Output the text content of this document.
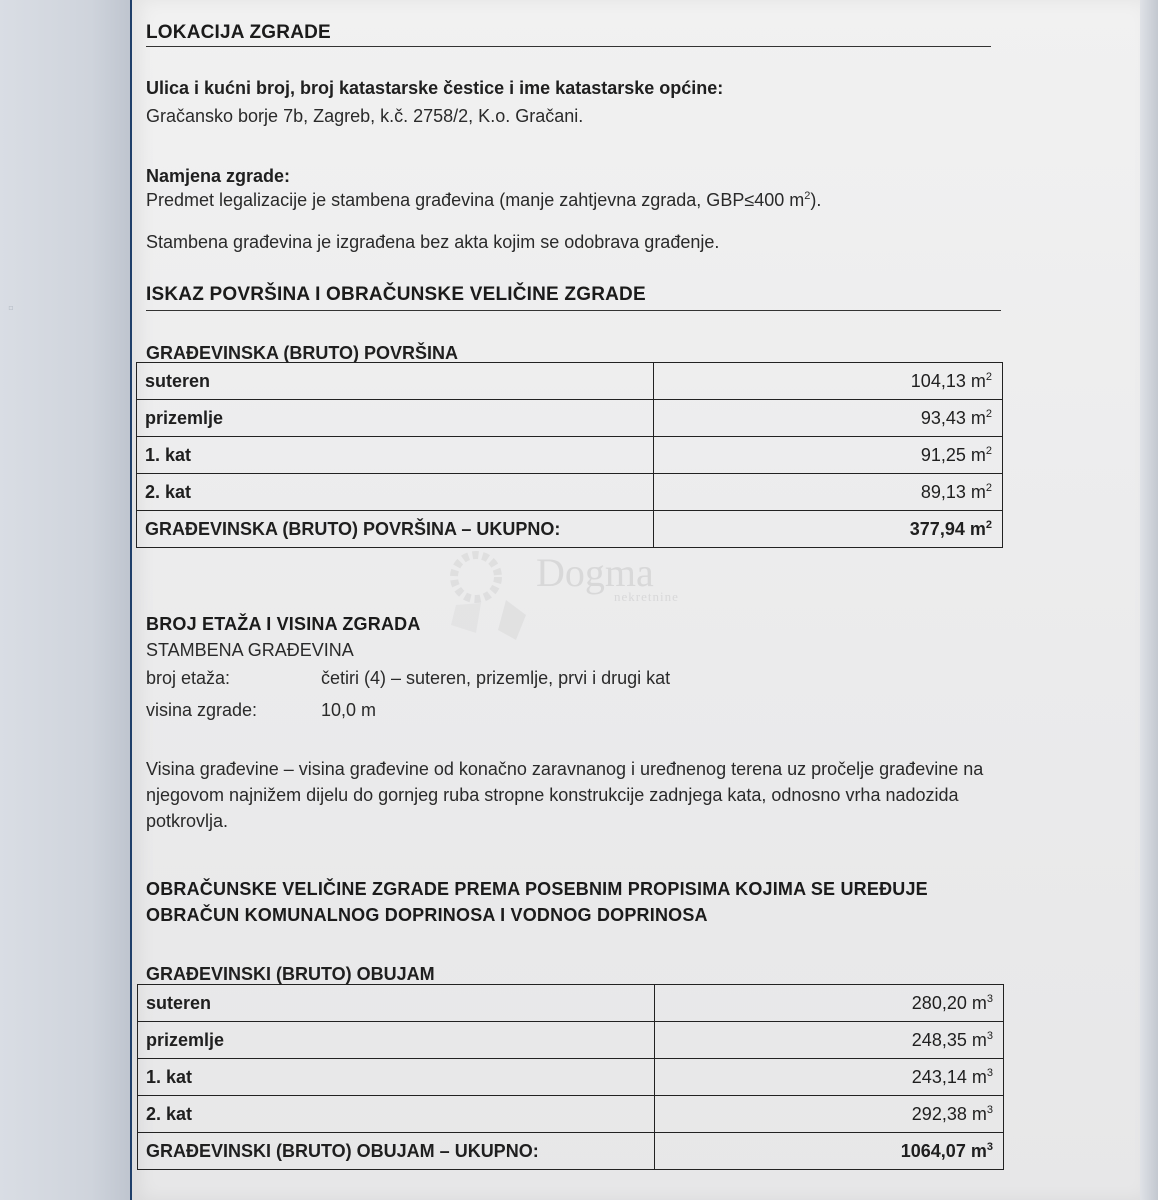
▫
LOKACIJA ZGRADE
Ulica i kućni broj, broj katastarske čestice i ime katastarske općine:
Gračansko borje 7b, Zagreb, k.č. 2758/2, K.o. Gračani.
Namjena zgrade:
Predmet legalizacije je stambena građevina (manje zahtjevna zgrada, GBP≤400 $m^2$).
Stambena građevina je izgrađena bez akta kojim se odobrava građenje.
ISKAZ POVRŠINA I OBRAČUNSKE VELIČINE ZGRADE
GRAĐEVINSKA (BRUTO) POVRŠINA
suteren	104,13 $m^2$
prizemlje	93,43 $m^2$
1. kat	91,25 $m^2$
2. kat	89,13 $m^2$
GRAĐEVINSKA (BRUTO) POVRŠINA – UKUPNO:	377,94 $m^2$
BROJ ETAŽA I VISINA ZGRADA
STAMBENA GRAĐEVINA
broj etaža:	četiri (4) – suteren, prizemlje, prvi i drugi kat
visina zgrade:	10,0 m
Visina građevine – visina građevine od konačno zaravnanog i uređnenog terena uz pročelje građevine na njegovom najnižem dijelu do gornjeg ruba stropne konstrukcije zadnjega kata, odnosno vrha nadozida potkrovlja.
OBRAČUNSKE VELIČINE ZGRADE PREMA POSEBNIM PROPISIMA KOJIMA SE UREĐUJE OBRAČUN KOMUNALNOG DOPRINOSA I VODNOG DOPRINOSA
GRAĐEVINSKI (BRUTO) OBUJAM
suteren	280,20 $m^3$
prizemlje	248,35 $m^3$
1. kat	243,14 $m^3$
2. kat	292,38 $m^3$
GRAĐEVINSKI (BRUTO) OBUJAM – UKUPNO:	1064,07 $m^3$
Dogma
nekretnine
